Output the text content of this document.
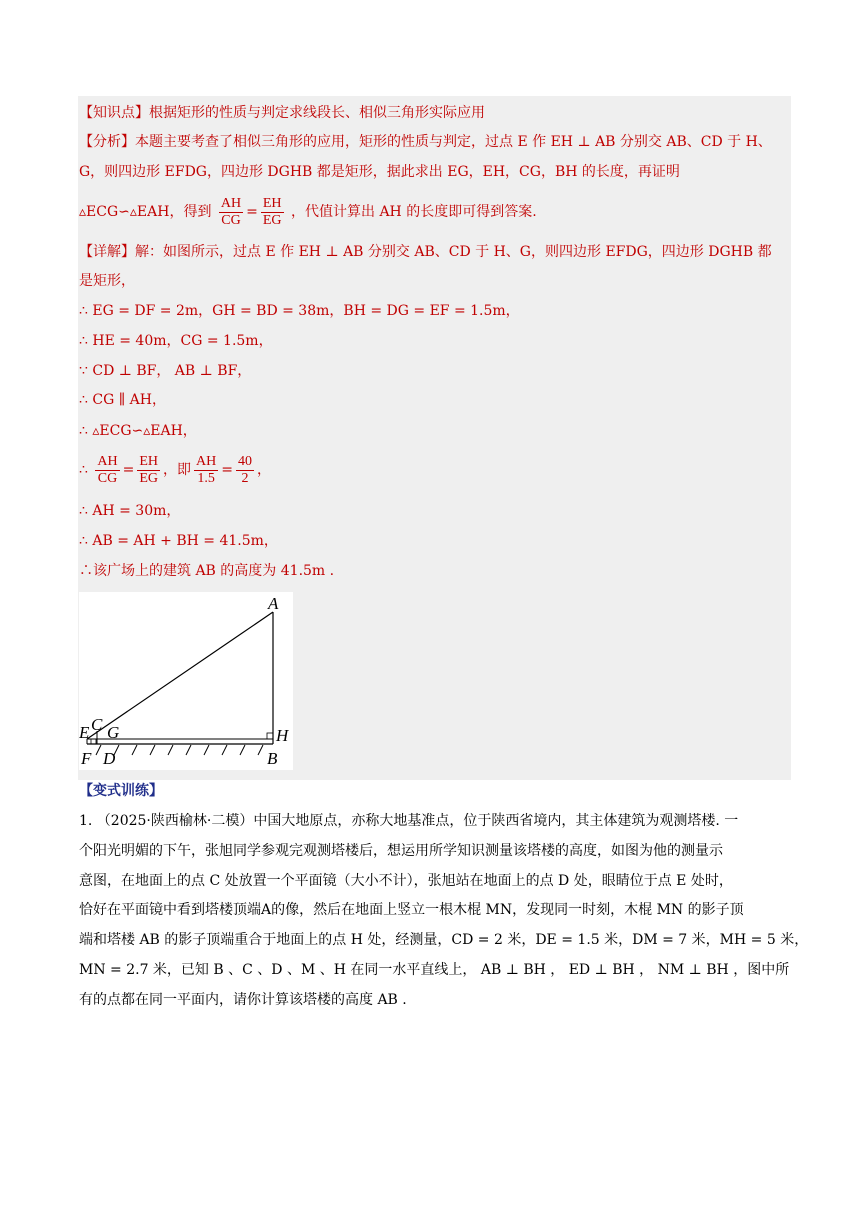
【知识点】根据矩形的性质与判定求线段长、相似三角形实际应用
【分析】本题主要考查了相似三角形的应用，矩形的性质与判定，过点 E 作 EH ⊥ AB 分别交 AB、CD 于 H、
G，则四边形 EFDG，四边形 DGHB 都是矩形，据此求出 EG，EH，CG，BH 的长度，再证明
▵ECG∽▵EAH，得到 $\frac{AH}{CG} = \frac{EH}{EG}$ ，代值计算出 AH 的长度即可得到答案.
【详解】解：如图所示，过点 E 作 EH ⊥ AB 分别交 AB、CD 于 H、G，则四边形 EFDG，四边形 DGHB 都
是矩形，
∴ EG = DF = 2m，GH = BD = 38m，BH = DG = EF = 1.5m，
∴ HE = 40m，CG = 1.5m，
∵ CD ⊥ BF， AB ⊥ BF，
∴ CG ∥ AH，
∴ ▵ECG∽▵EAH，
∴ $\frac{AH}{CG} = \frac{EH}{EG}$ ，即 $\frac{AH}{1.5} = \frac{40}{2}$ ，
∴ AH = 30m，
∴ AB = AH + BH = 41.5m，
∴该广场上的建筑 AB 的高度为 41.5m .
A
C
E G	H
F D	B
【变式训练】
1. （2025·陕西榆林·二模）中国大地原点，亦称大地基准点，位于陕西省境内，其主体建筑为观测塔楼. 一
个阳光明媚的下午，张旭同学参观完观测塔楼后，想运用所学知识测量该塔楼的高度，如图为他的测量示
意图，在地面上的点 C 处放置一个平面镜（大小不计），张旭站在地面上的点 D 处，眼睛位于点 E 处时，
恰好在平面镜中看到塔楼顶端A的像，然后在地面上竖立一根木棍 MN，发现同一时刻，木棍 MN 的影子顶
端和塔楼 AB 的影子顶端重合于地面上的点 H 处，经测量，CD = 2 米，DE = 1.5 米，DM = 7 米，MH = 5 米，
MN = 2.7 米，已知 B 、C 、D 、M 、H 在同一水平直线上， AB ⊥ BH ， ED ⊥ BH ， NM ⊥ BH ，图中所
有的点都在同一平面内，请你计算该塔楼的高度 AB .
